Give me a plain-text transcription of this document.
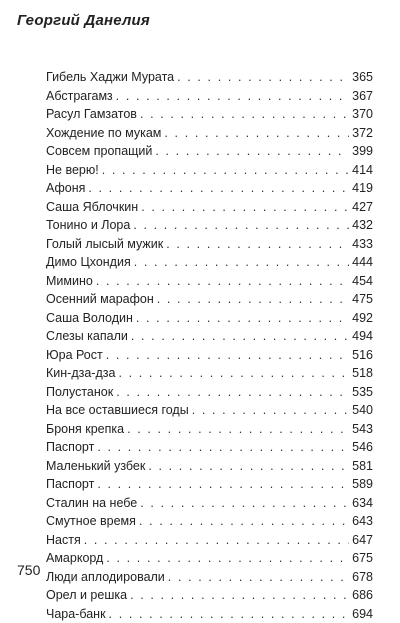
Георгий Данелия
Гибель Хаджи Мурата . . .	365
Абстрагамз . . .	367
Расул Гамзатов . . .	370
Хождение по мукам . . .	372
Совсем пропащий . . .	399
Не верю! . . .	414
Афоня . . .	419
Саша Яблочкин . . .	427
Тонино и Лора . . .	432
Голый лысый мужик . . .	433
Димо Цхондия . . .	444
Мимино . . .	454
Осенний марафон . . .	475
Саша Володин . . .	492
Слезы капали . . .	494
Юра Рост . . .	516
Кин-дза-дза . . .	518
Полустанок . . .	535
На все оставшиеся годы . . .	540
Броня крепка . . .	543
Паспорт . . .	546
Маленький узбек . . .	581
Паспорт . . .	589
Сталин на небе . . .	634
Смутное время . . .	643
Настя . . .	647
Амаркорд . . .	675
Люди аплодировали . . .	678
Орел и решка . . .	686
Чара-банк . . .	694
750
